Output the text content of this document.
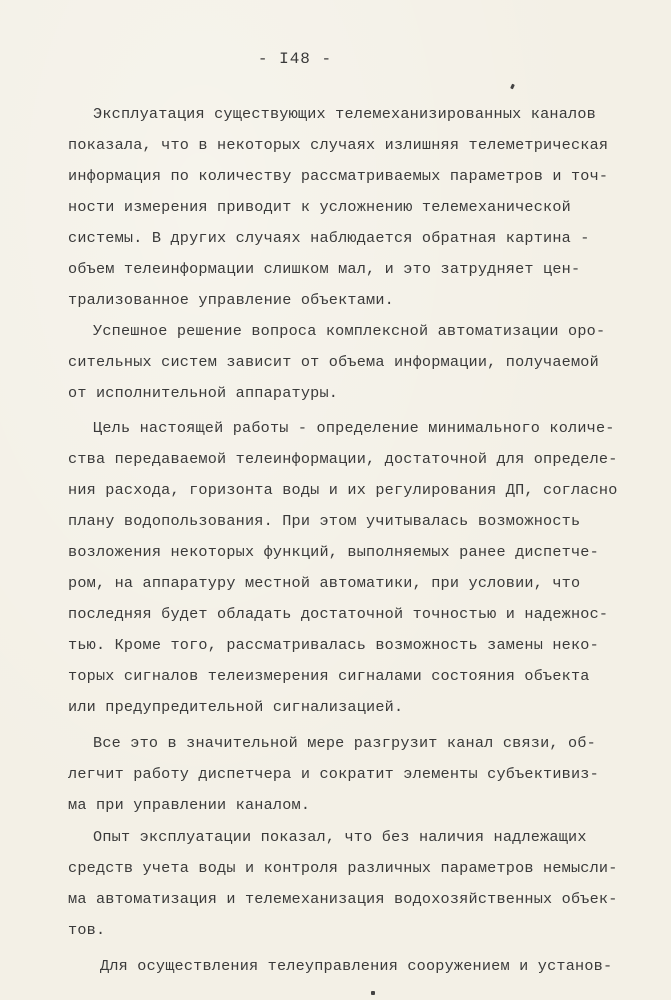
- I48 -
Эксплуатация существующих телемеханизированных каналов
показала, что в некоторых случаях излишняя телеметрическая
информация по количеству рассматриваемых параметров и точ-
ности измерения приводит к усложнению телемеханической
системы. В других случаях наблюдается обратная картина -
объем телеинформации слишком мал, и это затрудняет цен-
трализованное управление объектами.
Успешное решение вопроса комплексной автоматизации оро-
сительных систем зависит от объема информации, получаемой
от исполнительной аппаратуры.
Цель настоящей работы - определение минимального количе-
ства передаваемой телеинформации, достаточной для определе-
ния расхода, горизонта воды и их регулирования ДП, согласно
плану водопользования. При этом учитывалась возможность
возложения некоторых функций, выполняемых ранее диспетче-
ром, на аппаратуру местной автоматики, при условии, что
последняя будет обладать достаточной точностью и надежнос-
тью. Кроме того, рассматривалась возможность замены неко-
торых сигналов телеизмерения сигналами состояния объекта
или предупредительной сигнализацией.
Все это в значительной мере разгрузит канал связи, об-
легчит работу диспетчера и сократит элементы субъективиз-
ма при управлении каналом.
Опыт эксплуатации показал, что без наличия надлежащих
средств учета воды и контроля различных параметров немысли-
ма автоматизация и телемеханизация водохозяйственных объек-
тов.
Для осуществления телеуправления сооружением и установ-
